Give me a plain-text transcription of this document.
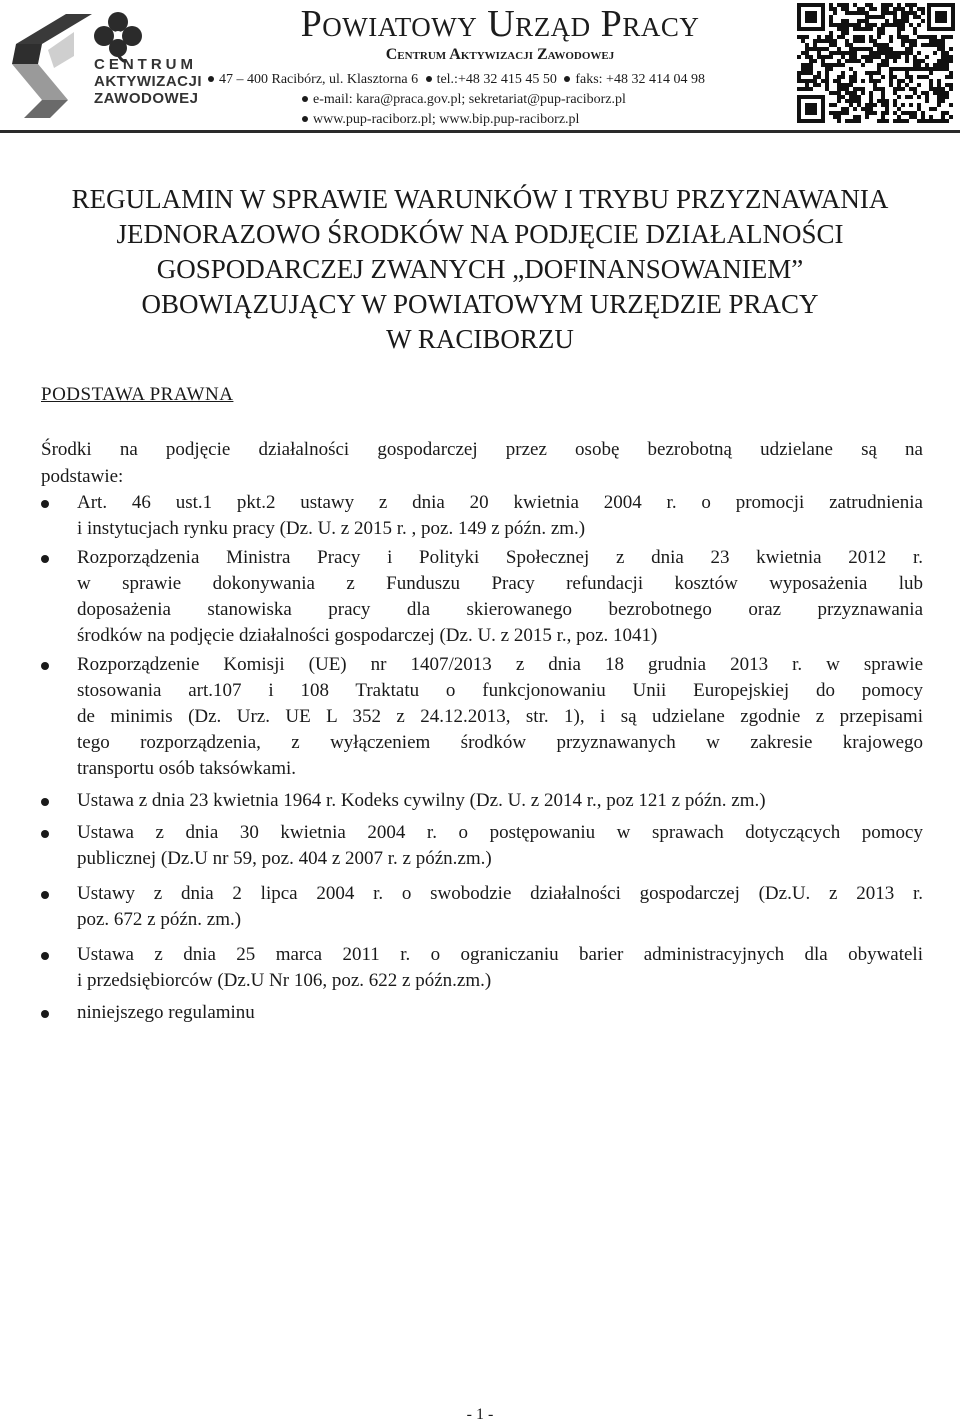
CENTRUM
AKTYWIZACJI
ZAWODOWEJ
Powiatowy Urząd Pracy
Centrum Aktywizacji Zawodowej
47 – 400 Racibórz, ul. Klasztorna 6 tel.:+48 32 415 45 50 faks: +48 32 414 04 98
e-mail: kara@praca.gov.pl; sekretariat@pup-raciborz.pl
www.pup-raciborz.pl; www.bip.pup-raciborz.pl
REGULAMIN W SPRAWIE WARUNKÓW I TRYBU PRZYZNAWANIA
JEDNORAZOWO ŚRODKÓW NA PODJĘCIE DZIAŁALNOŚCI
GOSPODARCZEJ ZWANYCH „DOFINANSOWANIEM”
OBOWIĄZUJĄCY W POWIATOWYM URZĘDZIE PRACY
W RACIBORZU
PODSTAWA PRAWNA
Środki na podjęcie działalności gospodarczej przez osobę bezrobotną udzielane są na
podstawie:
Art. 46 ust.1 pkt.2 ustawy z dnia 20 kwietnia 2004 r. o promocji zatrudnienia
i instytucjach rynku pracy (Dz. U. z 2015 r. , poz. 149 z późn. zm.)
Rozporządzenia Ministra Pracy i Polityki Społecznej z dnia 23 kwietnia 2012 r.
w sprawie dokonywania z Funduszu Pracy refundacji kosztów wyposażenia lub
doposażenia stanowiska pracy dla skierowanego bezrobotnego oraz przyznawania
środków na podjęcie działalności gospodarczej (Dz. U. z 2015 r., poz. 1041)
Rozporządzenie Komisji (UE) nr 1407/2013 z dnia 18 grudnia 2013 r. w sprawie
stosowania art.107 i 108 Traktatu o funkcjonowaniu Unii Europejskiej do pomocy
de minimis (Dz. Urz. UE L 352 z 24.12.2013, str. 1), i są udzielane zgodnie z przepisami
tego rozporządzenia, z wyłączeniem środków przyznawanych w zakresie krajowego
transportu osób taksówkami.
Ustawa z dnia 23 kwietnia 1964 r. Kodeks cywilny (Dz. U. z 2014 r., poz 121 z późn. zm.)
Ustawa z dnia 30 kwietnia 2004 r. o postępowaniu w sprawach dotyczących pomocy
publicznej (Dz.U nr 59, poz. 404 z 2007 r. z późn.zm.)
Ustawy z dnia 2 lipca 2004 r. o swobodzie działalności gospodarczej (Dz.U. z 2013 r.
poz. 672 z późn. zm.)
Ustawa z dnia 25 marca 2011 r. o ograniczaniu barier administracyjnych dla obywateli
i przedsiębiorców (Dz.U Nr 106, poz. 622 z późn.zm.)
niniejszego regulaminu
- 1 -
